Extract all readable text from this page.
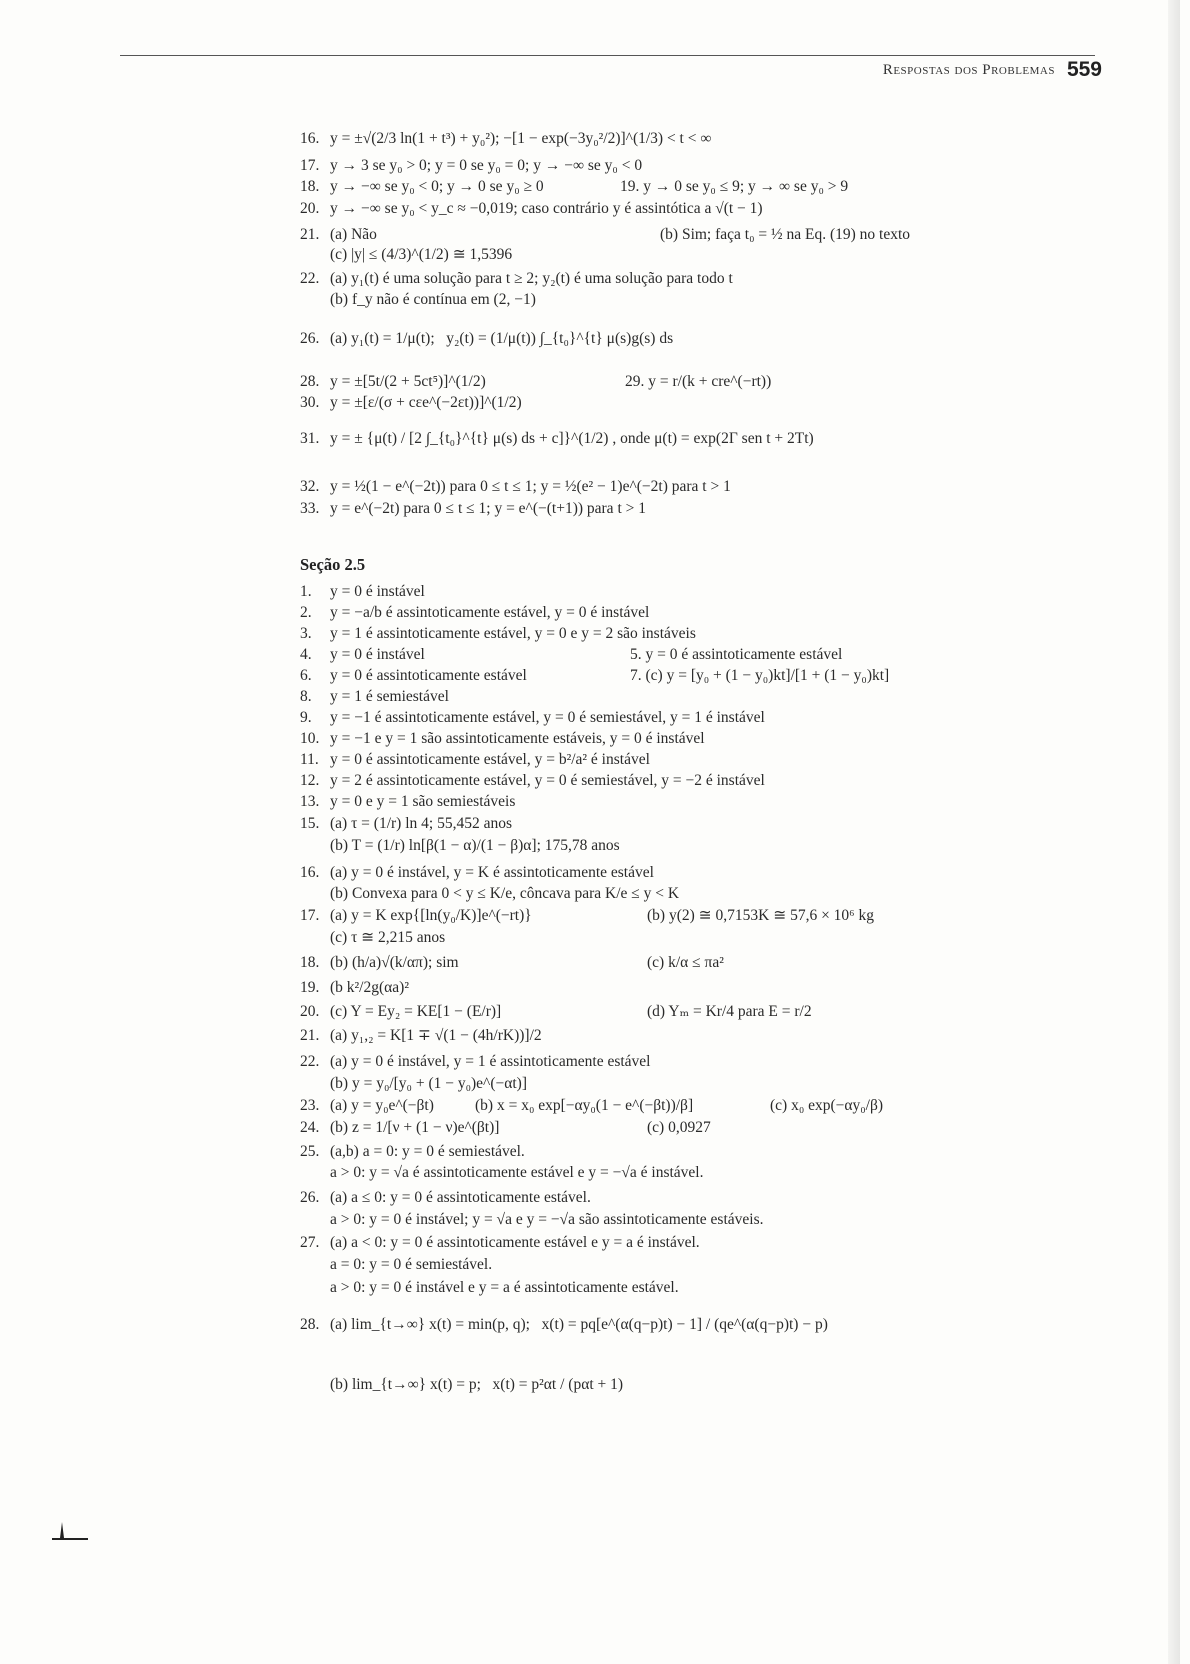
Respostas dos Problemas 559
16. y = ±√(2/3 ln(1 + t³) + y₀²); −[1 − exp(−3y₀²/2)]^(1/3) < t < ∞
17. y → 3 se y₀ > 0; y = 0 se y₀ = 0; y → −∞ se y₀ < 0
18. y → −∞ se y₀ < 0; y → 0 se y₀ ≥ 0	19. y → 0 se y₀ ≤ 9; y → ∞ se y₀ > 9
20. y → −∞ se y₀ < y_c ≈ −0,019; caso contrário y é assintótica a √(t − 1)
21. (a) Não	(b) Sim; faça t₀ = ½ na Eq. (19) no texto
(c) |y| ≤ (4/3)^(1/2) ≅ 1,5396
22. (a) y₁(t) é uma solução para t ≥ 2; y₂(t) é uma solução para todo t
(b) f_y não é contínua em (2, −1)
26. (a) y₁(t) = 1/μ(t); y₂(t) = (1/μ(t)) ∫_{t₀}^{t} μ(s)g(s) ds
28. y = ±[5t/(2 + 5ct⁵)]^(1/2)	29. y = r/(k + cre^(−rt))
30. y = ±[ε/(σ + cεe^(−2εt))]^(1/2)
31. y = ± {μ(t) / [2 ∫_{t₀}^{t} μ(s) ds + c]}^(1/2) , onde μ(t) = exp(2Γ sen t + 2Tt)
32. y = ½(1 − e^(−2t)) para 0 ≤ t ≤ 1; y = ½(e² − 1)e^(−2t) para t > 1
33. y = e^(−2t) para 0 ≤ t ≤ 1; y = e^(−(t+1)) para t > 1
Seção 2.5
1. y = 0 é instável
2. y = −a/b é assintoticamente estável, y = 0 é instável
3. y = 1 é assintoticamente estável, y = 0 e y = 2 são instáveis
4. y = 0 é instável	5. y = 0 é assintoticamente estável
6. y = 0 é assintoticamente estável	7. (c) y = [y₀ + (1 − y₀)kt]/[1 + (1 − y₀)kt]
8. y = 1 é semiestável
9. y = −1 é assintoticamente estável, y = 0 é semiestável, y = 1 é instável
10. y = −1 e y = 1 são assintoticamente estáveis, y = 0 é instável
11. y = 0 é assintoticamente estável, y = b²/a² é instável
12. y = 2 é assintoticamente estável, y = 0 é semiestável, y = −2 é instável
13. y = 0 e y = 1 são semiestáveis
15. (a) τ = (1/r) ln 4; 55,452 anos
(b) T = (1/r) ln[β(1 − α)/(1 − β)α]; 175,78 anos
16. (a) y = 0 é instável, y = K é assintoticamente estável
(b) Convexa para 0 < y ≤ K/e, côncava para K/e ≤ y < K
17. (a) y = K exp{[ln(y₀/K)]e^(−rt)}	(b) y(2) ≅ 0,7153K ≅ 57,6 × 10⁶ kg
(c) τ ≅ 2,215 anos
18. (b) (h/a)√(k/απ); sim	(c) k/α ≤ πa²
19. (b k²/2g(αa)²
20. (c) Y = Ey₂ = KE[1 − (E/r)]	(d) Yₘ = Kr/4 para E = r/2
21. (a) y₁,₂ = K[1 ∓ √(1 − (4h/rK))]/2
22. (a) y = 0 é instável, y = 1 é assintoticamente estável
(b) y = y₀/[y₀ + (1 − y₀)e^(−αt)]
23. (a) y = y₀e^(−βt)	(b) x = x₀ exp[−αy₀(1 − e^(−βt))/β]	(c) x₀ exp(−αy₀/β)
24. (b) z = 1/[ν + (1 − ν)e^(βt)]	(c) 0,0927
25. (a,b) a = 0: y = 0 é semiestável.
a > 0: y = √a é assintoticamente estável e y = −√a é instável.
26. (a) a ≤ 0: y = 0 é assintoticamente estável.
a > 0: y = 0 é instável; y = √a e y = −√a são assintoticamente estáveis.
27. (a) a < 0: y = 0 é assintoticamente estável e y = a é instável.
a = 0: y = 0 é semiestável.
a > 0: y = 0 é instável e y = a é assintoticamente estável.
28. (a) lim_{t→∞} x(t) = min(p, q); x(t) = pq[e^(α(q−p)t) − 1] / (qe^(α(q−p)t) − p)
(b) lim_{t→∞} x(t) = p; x(t) = p²αt / (pαt + 1)
